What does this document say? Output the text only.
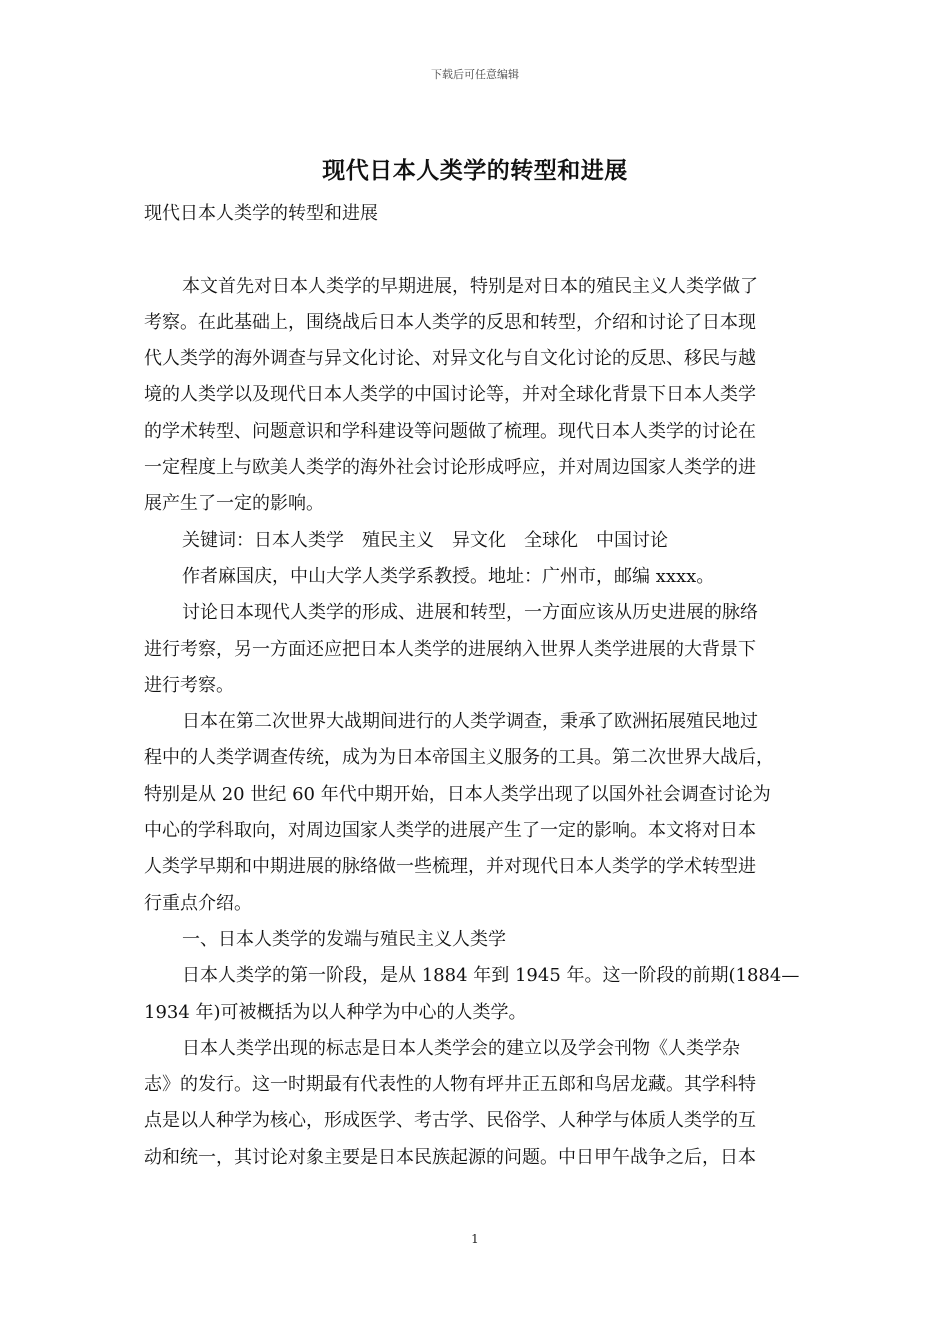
下载后可任意编辑
现代日本人类学的转型和进展
现代日本人类学的转型和进展
本文首先对日本人类学的早期进展，特别是对日本的殖民主义人类学做了
考察。在此基础上，围绕战后日本人类学的反思和转型，介绍和讨论了日本现
代人类学的海外调查与异文化讨论、对异文化与自文化讨论的反思、移民与越
境的人类学以及现代日本人类学的中国讨论等，并对全球化背景下日本人类学
的学术转型、问题意识和学科建设等问题做了梳理。现代日本人类学的讨论在
一定程度上与欧美人类学的海外社会讨论形成呼应，并对周边国家人类学的进
展产生了一定的影响。
关键词：日本人类学　殖民主义　异文化　全球化　中国讨论
作者麻国庆，中山大学人类学系教授。地址：广州市，邮编 xxxx。
讨论日本现代人类学的形成、进展和转型，一方面应该从历史进展的脉络
进行考察，另一方面还应把日本人类学的进展纳入世界人类学进展的大背景下
进行考察。
日本在第二次世界大战期间进行的人类学调查，秉承了欧洲拓展殖民地过
程中的人类学调查传统，成为为日本帝国主义服务的工具。第二次世界大战后，
特别是从 20 世纪 60 年代中期开始，日本人类学出现了以国外社会调查讨论为
中心的学科取向，对周边国家人类学的进展产生了一定的影响。本文将对日本
人类学早期和中期进展的脉络做一些梳理，并对现代日本人类学的学术转型进
行重点介绍。
一、日本人类学的发端与殖民主义人类学
日本人类学的第一阶段，是从 1884 年到 1945 年。这一阶段的前期(1884—
1934 年)可被概括为以人种学为中心的人类学。
日本人类学出现的标志是日本人类学会的建立以及学会刊物《人类学杂
志》的发行。这一时期最有代表性的人物有坪井正五郎和鸟居龙藏。其学科特
点是以人种学为核心，形成医学、考古学、民俗学、人种学与体质人类学的互
动和统一，其讨论对象主要是日本民族起源的问题。中日甲午战争之后，日本
1
